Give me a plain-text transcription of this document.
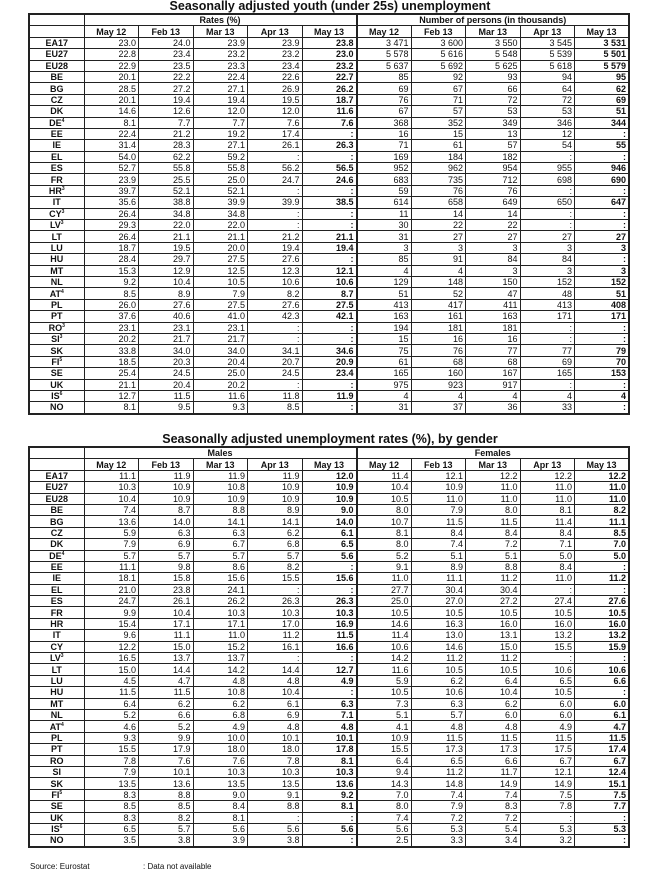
Seasonally adjusted youth (under 25s) unemployment
	Rates (%)					Number of persons (in thousands)				
	May 12	Feb 13	Mar 13	Apr 13	May 13	May 12	Feb 13	Mar 13	Apr 13	May 13
EA17	23.0	24.0	23.9	23.9	23.8	3 471	3 600	3 550	3 545	3 531
EU27	22.8	23.4	23.2	23.2	23.0	5 578	5 616	5 548	5 539	5 501
EU28	22.9	23.5	23.3	23.4	23.2	5 637	5 692	5 625	5 618	5 579
BE	20.1	22.2	22.4	22.6	22.7	85	92	93	94	95
BG	28.5	27.2	27.1	26.9	26.2	69	67	66	64	62
CZ	20.1	19.4	19.4	19.5	18.7	76	71	72	72	69
DK	14.6	12.6	12.0	12.0	11.6	67	57	53	53	51
$DE^4$	8.1	7.7	7.7	7.6	7.6	368	352	349	346	344
EE	22.4	21.2	19.2	17.4	:	16	15	13	12	:
IE	31.4	28.3	27.1	26.1	26.3	71	61	57	54	55
EL	54.0	62.2	59.2	:	:	169	184	182	:	:
ES	52.7	55.8	55.8	56.2	56.5	952	962	954	955	946
FR	23.9	25.5	25.0	24.7	24.6	683	735	712	698	690
$HR^3$	39.7	52.1	52.1	:	:	59	76	76	:	:
IT	35.6	38.8	39.9	39.9	38.5	614	658	649	650	647
$CY^3$	26.4	34.8	34.8	:	:	11	14	14	:	:
$LV^3$	29.3	22.0	22.0	:	:	30	22	22	:	:
LT	26.4	21.1	21.1	21.2	21.1	31	27	27	27	27
LU	18.7	19.5	20.0	19.4	19.4	3	3	3	3	3
HU	28.4	29.7	27.5	27.6	:	85	91	84	84	:
MT	15.3	12.9	12.5	12.3	12.1	4	4	3	3	3
NL	9.2	10.4	10.5	10.6	10.6	129	148	150	152	152
$AT^4$	8.5	8.9	7.9	8.2	8.7	51	52	47	48	51
PL	26.0	27.6	27.5	27.6	27.5	413	417	411	413	408
PT	37.6	40.6	41.0	42.3	42.1	163	161	163	171	171
$RO^3$	23.1	23.1	23.1	:	:	194	181	181	:	:
$SI^3$	20.2	21.7	21.7	:	:	15	16	16	:	:
SK	33.8	34.0	34.0	34.1	34.6	75	76	77	77	79
$FI^5$	18.5	20.3	20.4	20.7	20.9	61	68	68	69	70
SE	25.4	24.5	25.0	24.5	23.4	165	160	167	165	153
UK	21.1	20.4	20.2	:	:	975	923	917	:	:
$IS^6$	12.7	11.5	11.6	11.8	11.9	4	4	4	4	4
NO	8.1	9.5	9.3	8.5	:	31	37	36	33	:
Seasonally adjusted unemployment rates (%), by gender
	Males					Females				
	May 12	Feb 13	Mar 13	Apr 13	May 13	May 12	Feb 13	Mar 13	Apr 13	May 13
EA17	11.1	11.9	11.9	11.9	12.0	11.4	12.1	12.2	12.2	12.2
EU27	10.3	10.9	10.8	10.9	10.9	10.4	10.9	11.0	11.0	11.0
EU28	10.4	10.9	10.9	10.9	10.9	10.5	11.0	11.0	11.0	11.0
BE	7.4	8.7	8.8	8.9	9.0	8.0	7.9	8.0	8.1	8.2
BG	13.6	14.0	14.1	14.1	14.0	10.7	11.5	11.5	11.4	11.1
CZ	5.9	6.3	6.3	6.2	6.1	8.1	8.4	8.4	8.4	8.5
DK	7.9	6.9	6.7	6.8	6.5	8.0	7.4	7.2	7.1	7.0
$DE^4$	5.7	5.7	5.7	5.7	5.6	5.2	5.1	5.1	5.0	5.0
EE	11.1	9.8	8.6	8.2	:	9.1	8.9	8.8	8.4	:
IE	18.1	15.8	15.6	15.5	15.6	11.0	11.1	11.2	11.0	11.2
EL	21.0	23.8	24.1	:	:	27.7	30.4	30.4	:	:
ES	24.7	26.1	26.2	26.3	26.3	25.0	27.0	27.2	27.4	27.6
FR	9.9	10.4	10.3	10.3	10.3	10.5	10.5	10.5	10.5	10.5
HR	15.4	17.1	17.1	17.0	16.9	14.6	16.3	16.0	16.0	16.0
IT	9.6	11.1	11.0	11.2	11.5	11.4	13.0	13.1	13.2	13.2
CY	12.2	15.0	15.2	16.1	16.6	10.6	14.6	15.0	15.5	15.9
$LV^3$	16.5	13.7	13.7	:	:	14.2	11.2	11.2	:	:
LT	15.0	14.4	14.2	14.4	12.7	11.6	10.5	10.5	10.6	10.6
LU	4.5	4.7	4.8	4.8	4.9	5.9	6.2	6.4	6.5	6.6
HU	11.5	11.5	10.8	10.4	:	10.5	10.6	10.4	10.5	:
MT	6.4	6.2	6.2	6.1	6.3	7.3	6.3	6.2	6.0	6.0
NL	5.2	6.6	6.8	6.9	7.1	5.1	5.7	6.0	6.0	6.1
$AT^4$	4.6	5.2	4.9	4.8	4.8	4.1	4.8	4.8	4.9	4.7
PL	9.3	9.9	10.0	10.1	10.1	10.9	11.5	11.5	11.5	11.5
PT	15.5	17.9	18.0	18.0	17.8	15.5	17.3	17.3	17.5	17.4
RO	7.8	7.6	7.6	7.8	8.1	6.4	6.5	6.6	6.7	6.7
SI	7.9	10.1	10.3	10.3	10.3	9.4	11.2	11.7	12.1	12.4
SK	13.5	13.6	13.5	13.5	13.6	14.3	14.8	14.9	14.9	15.1
$FI^5$	8.3	8.8	9.0	9.1	9.2	7.0	7.4	7.4	7.5	7.5
SE	8.5	8.5	8.4	8.8	8.1	8.0	7.9	8.3	7.8	7.7
UK	8.3	8.2	8.1	:	:	7.4	7.2	7.2	:	:
$IS^6$	6.5	5.7	5.6	5.6	5.6	5.6	5.3	5.4	5.3	5.3
NO	3.5	3.8	3.9	3.8	:	2.5	3.3	3.4	3.2	:
Source: Eurostat	: Data not available
